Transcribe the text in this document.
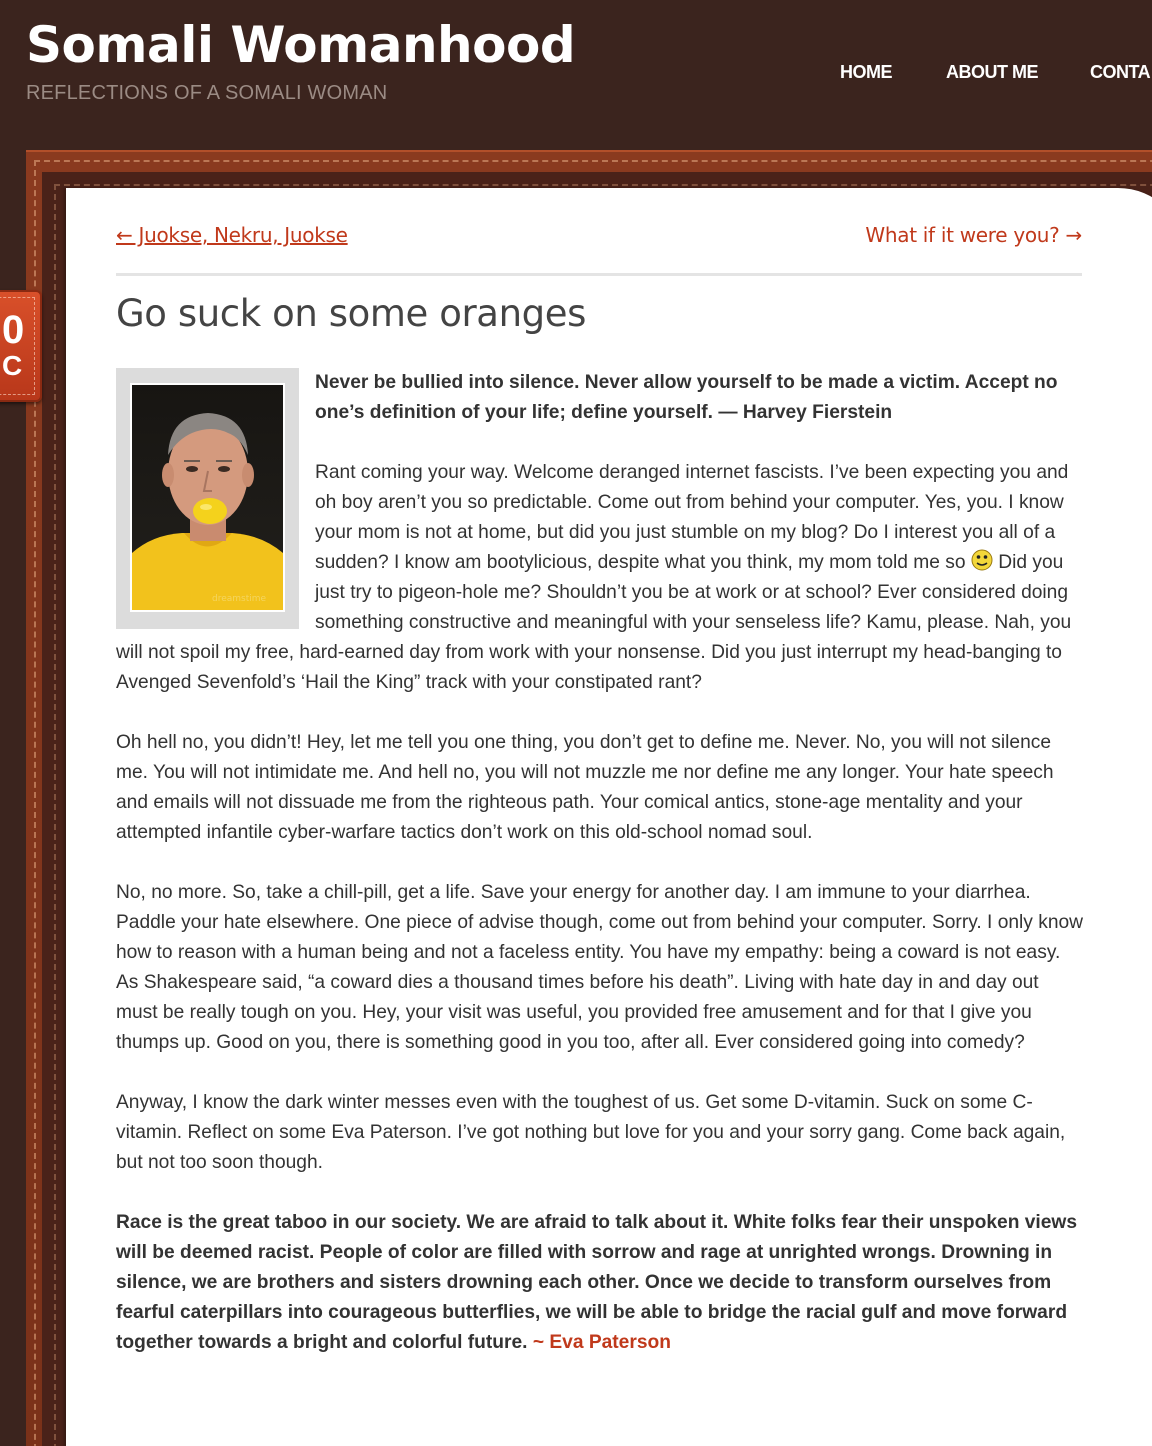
Somali Womanhood
REFLECTIONS OF A SOMALI WOMAN
HOME	ABOUT ME	CONTA
0
C
← Juokse, Nekru, Juokse	What if it were you? →
Go suck on some oranges
dreamstime

Never be bullied into silence. Never allow yourself to be made a victim. Accept no one’s definition of your life; define yourself. — Harvey Fierstein

Rant coming your way. Welcome deranged internet fascists. I’ve been expecting you and oh boy aren’t you so predictable. Come out from behind your computer. Yes, you. I know your mom is not at home, but did you just stumble on my blog? Do I interest you all of a sudden? I know am bootylicious, despite what you think, my mom told me so  Did you just try to pigeon-hole me? Shouldn’t you be at work or at school? Ever considered doing something constructive and meaningful with your senseless life? Kamu, please. Nah, you will not spoil my free, hard-earned day from work with your nonsense. Did you just interrupt my head-banging to Avenged Sevenfold’s ‘Hail the King” track with your constipated rant?

Oh hell no, you didn’t! Hey, let me tell you one thing, you don’t get to define me. Never. No, you will not silence me. You will not intimidate me. And hell no, you will not muzzle me nor define me any longer. Your hate speech and emails will not dissuade me from the righteous path. Your comical antics, stone-age mentality and your attempted infantile cyber-warfare tactics don’t work on this old-school nomad soul.

No, no more. So, take a chill-pill, get a life. Save your energy for another day. I am immune to your diarrhea. Paddle your hate elsewhere. One piece of advise though, come out from behind your computer. Sorry. I only know how to reason with a human being and not a faceless entity. You have my empathy: being a coward is not easy. As Shakespeare said, “a coward dies a thousand times before his death”. Living with hate day in and day out must be really tough on you. Hey, your visit was useful, you provided free amusement and for that I give you thumps up. Good on you, there is something good in you too, after all. Ever considered going into comedy?

Anyway, I know the dark winter messes even with the toughest of us. Get some D-vitamin. Suck on some C-vitamin. Reflect on some Eva Paterson. I’ve got nothing but love for you and your sorry gang. Come back again, but not too soon though.

Race is the great taboo in our society. We are afraid to talk about it. White folks fear their unspoken views will be deemed racist. People of color are filled with sorrow and rage at unrighted wrongs. Drowning in silence, we are brothers and sisters drowning each other. Once we decide to transform ourselves from fearful caterpillars into courageous butterflies, we will be able to bridge the racial gulf and move forward together towards a bright and colorful future. ~ Eva Paterson
